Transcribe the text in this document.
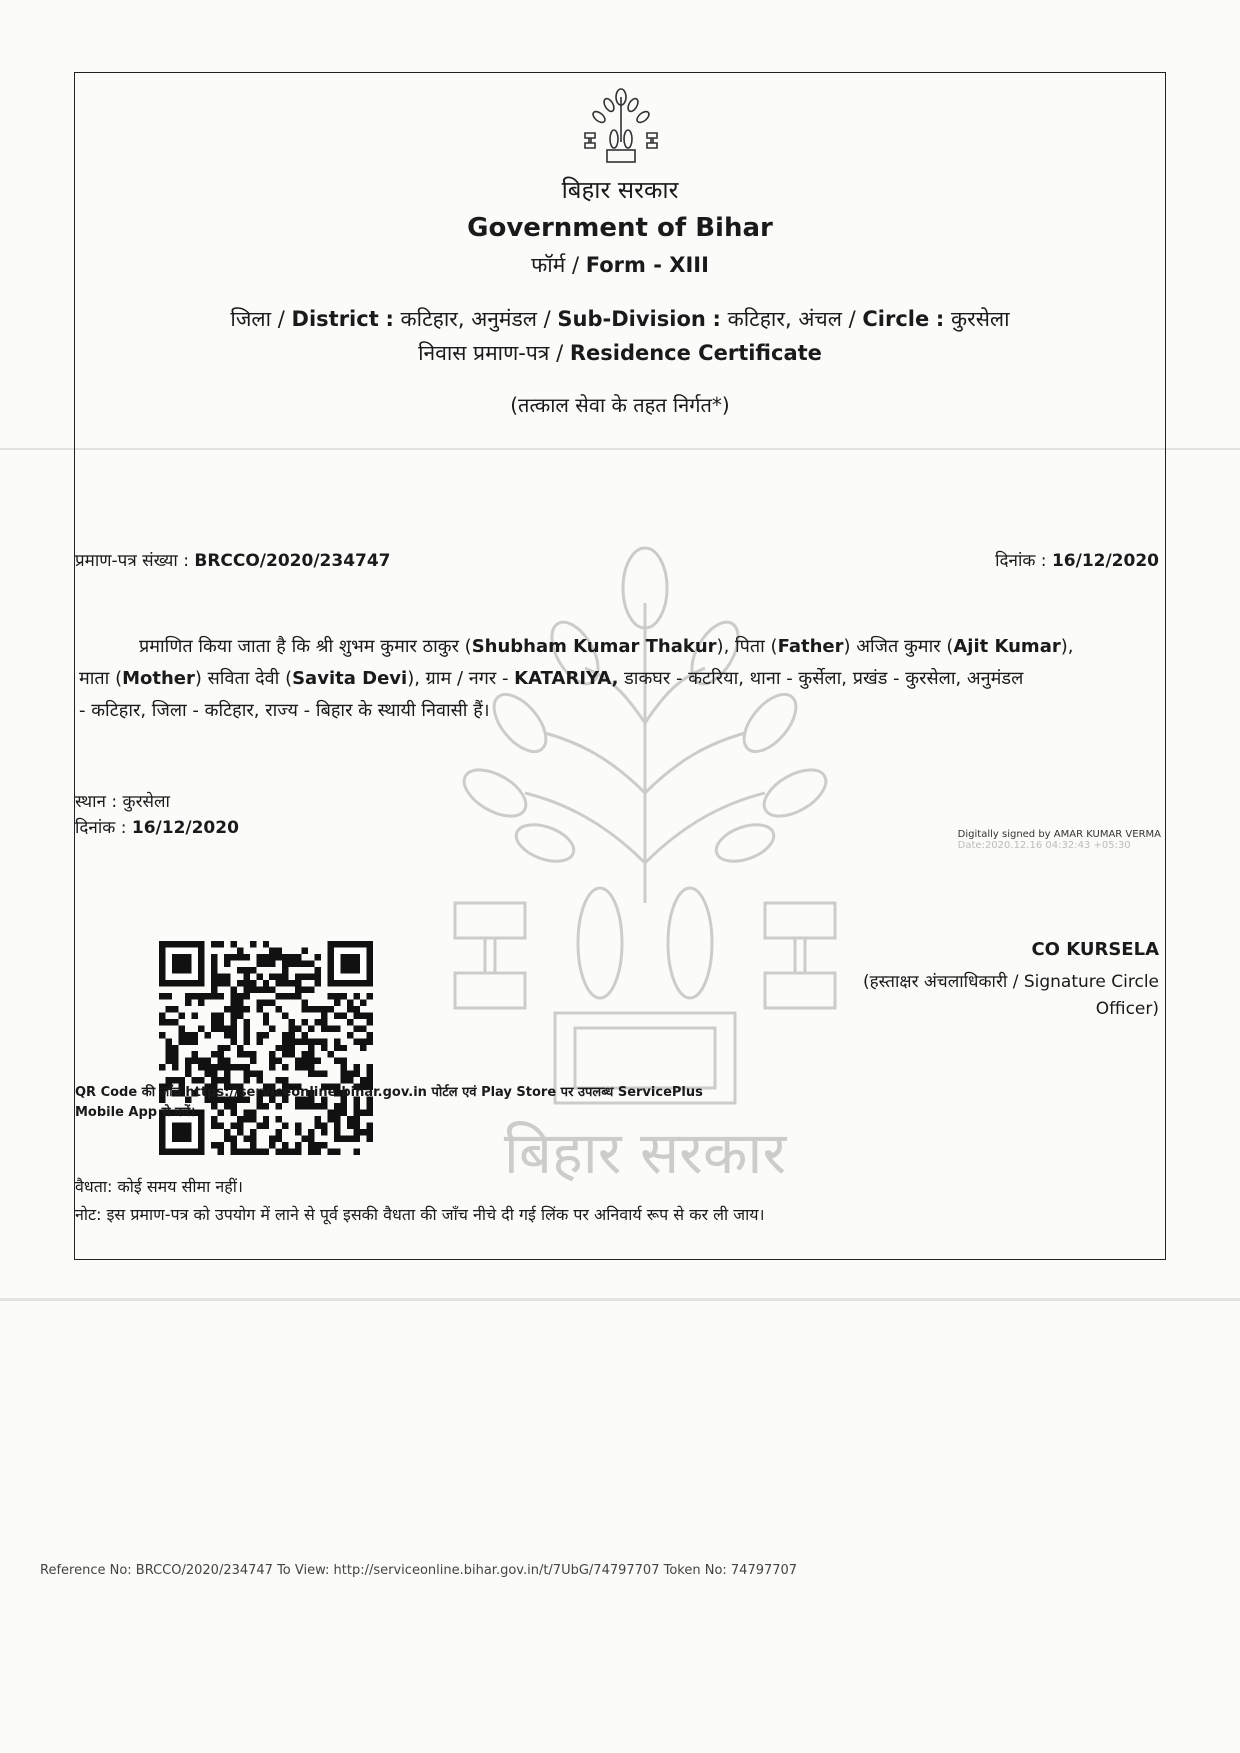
बिहार सरकार
बिहार सरकार
Government of Bihar
फॉर्म / Form - XIII
जिला / District : कटिहार, अनुमंडल / Sub-Division : कटिहार, अंचल / Circle : कुरसेला
निवास प्रमाण-पत्र / Residence Certificate
(तत्काल सेवा के तहत निर्गत*)
प्रमाण-पत्र संख्या : BRCCO/2020/234747	दिनांक : 16/12/2020
प्रमाणित किया जाता है कि श्री शुभम कुमार ठाकुर (Shubham Kumar Thakur), पिता (Father) अजित कुमार (Ajit Kumar),
माता (Mother) सविता देवी (Savita Devi), ग्राम / नगर - KATARIYA, डाकघर - कटरिया, थाना - कुर्सेला, प्रखंड - कुरसेला, अनुमंडल
- कटिहार, जिला - कटिहार, राज्य - बिहार के स्थायी निवासी हैं।
स्थान : कुरसेला
दिनांक : 16/12/2020	Digitally signed by AMAR KUMAR VERMA
Date:2020.12.16 04:32:43 +05:30
CO KURSELA
(हस्ताक्षर अंचलाधिकारी / Signature Circle
Officer)
QR Code की जाँच https://serviceonline.bihar.gov.in पोर्टल एवं Play Store पर उपलब्ध ServicePlus
Mobile App से करें।
वैधता: कोई समय सीमा नहीं।
नोट: इस प्रमाण-पत्र को उपयोग में लाने से पूर्व इसकी वैधता की जाँच नीचे दी गई लिंक पर अनिवार्य रूप से कर ली जाय।
Reference No: BRCCO/2020/234747 To View: http://serviceonline.bihar.gov.in/t/7UbG/74797707 Token No: 74797707
